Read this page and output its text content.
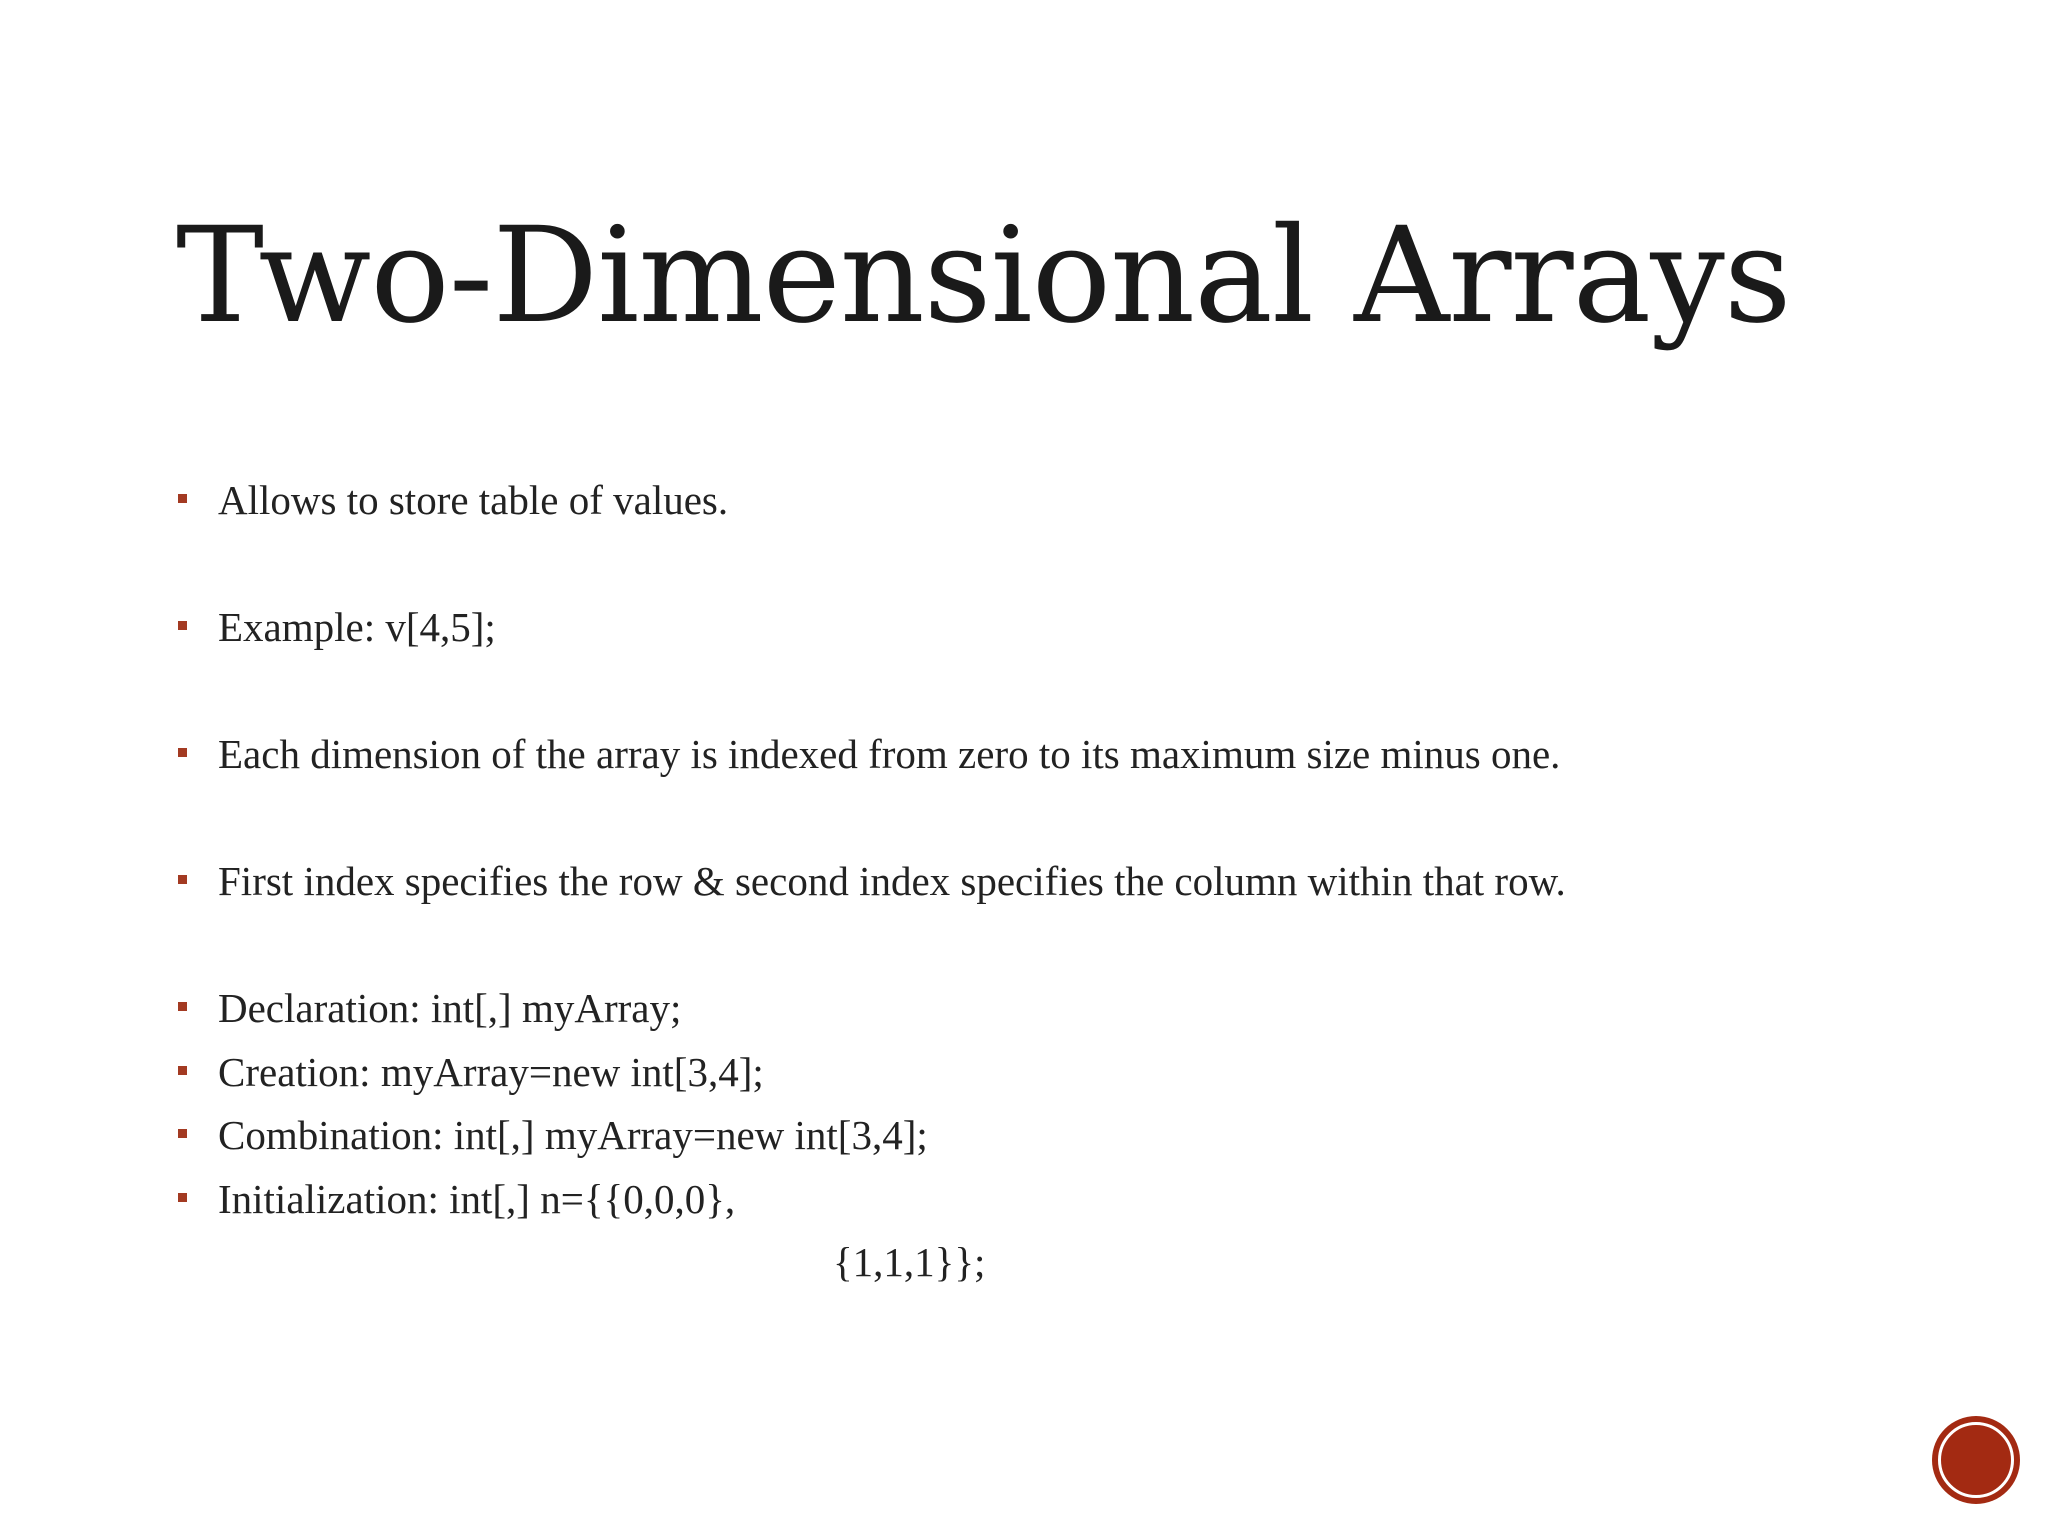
Two-Dimensional Arrays
Allows to store table of values.
Example: v[4,5];
Each dimension of the array is indexed from zero to its maximum size minus one.
First index specifies the row & second index specifies the column within that row.
Declaration: int[,] myArray;
Creation: myArray=new int[3,4];
Combination: int[,] myArray=new int[3,4];
Initialization: int[,] n={{0,0,0},
{1,1,1}};
